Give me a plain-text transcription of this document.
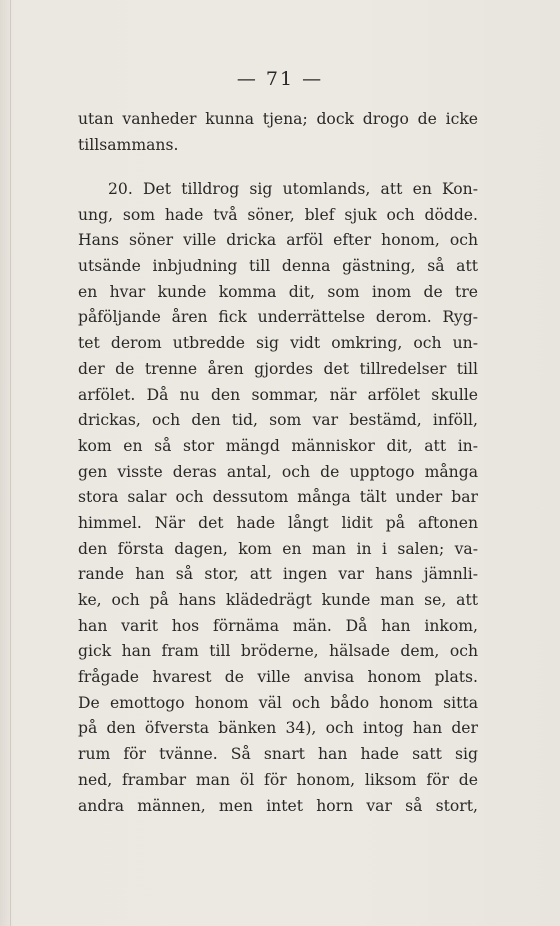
— 71 —
utan vanheder kunna tjena; dock drogo de icke
tillsammans.
20. Det tilldrog sig utomlands, att en Kon-
ung, som hade två söner, blef sjuk och dödde.
Hans söner ville dricka arföl efter honom, och
utsände inbjudning till denna gästning, så att
en hvar kunde komma dit, som inom de tre
påföljande åren fick underrättelse derom. Ryg-
tet derom utbredde sig vidt omkring, och un-
der de trenne åren gjordes det tillredelser till
arfölet. Då nu den sommar, när arfölet skulle
drickas, och den tid, som var bestämd, inföll,
kom en så stor mängd människor dit, att in-
gen visste deras antal, och de upptogo många
stora salar och dessutom många tält under bar
himmel. När det hade långt lidit på aftonen
den första dagen, kom en man in i salen; va-
rande han så stor, att ingen var hans jämnli-
ke, och på hans klädedrägt kunde man se, att
han varit hos förnäma män. Då han inkom,
gick han fram till bröderne, hälsade dem, och
frågade hvarest de ville anvisa honom plats.
De emottogo honom väl och bådo honom sitta
på den öfversta bänken 34), och intog han der
rum för tvänne. Så snart han hade satt sig
ned, frambar man öl för honom, liksom för de
andra männen, men intet horn var så stort,
